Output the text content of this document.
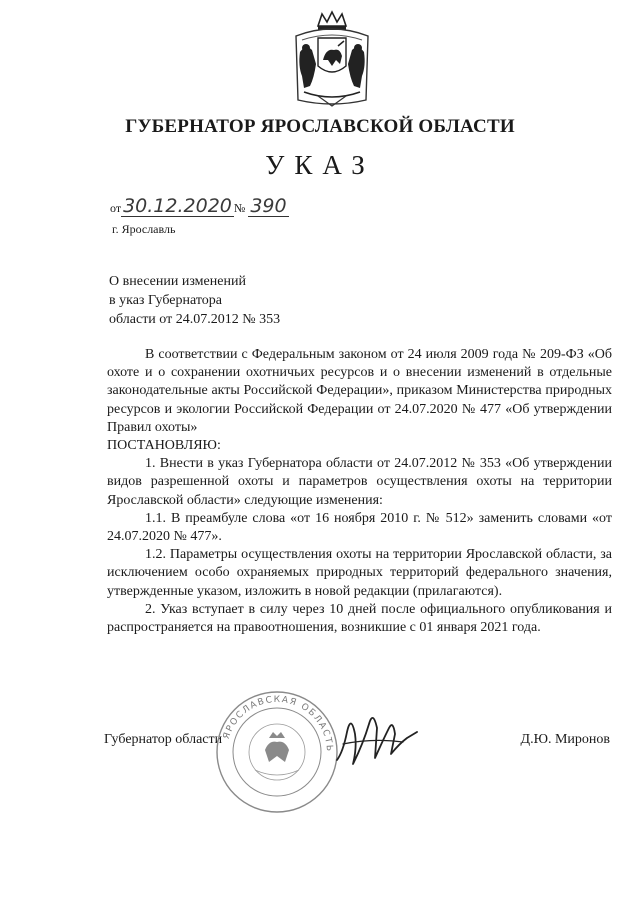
ГУБЕРНАТОР ЯРОСЛАВСКОЙ ОБЛАСТИ
УКАЗ
от 30.12.2020 № 390
г. Ярославль
О внесении изменений
в указ Губернатора
области от 24.07.2012 № 353

В соответствии с Федеральным законом от 24 июля 2009 года № 209-ФЗ «Об охоте и о сохранении охотничьих ресурсов и о внесении изменений в отдельные законодательные акты Российской Федерации», приказом Министерства природных ресурсов и экологии Российской Федерации от 24.07.2020 № 477 «Об утверждении Правил охоты»

ПОСТАНОВЛЯЮ:

1. Внести в указ Губернатора области от 24.07.2012 № 353 «Об утверждении видов разрешенной охоты и параметров осуществления охоты на территории Ярославской области» следующие изменения:

1.1. В преамбуле слова «от 16 ноября 2010 г. № 512» заменить словами «от 24.07.2020 № 477».

1.2. Параметры осуществления охоты на территории Ярославской области, за исключением особо охраняемых природных территорий федерального значения, утвержденные указом, изложить в новой редакции (прилагаются).

2. Указ вступает в силу через 10 дней после официального опубликования и распространяется на правоотношения, возникшие с 01 января 2021 года.

Губернатор области ЯРОСЛАВСКАЯ ОБЛАСТЬ
Д.Ю. Миронов
